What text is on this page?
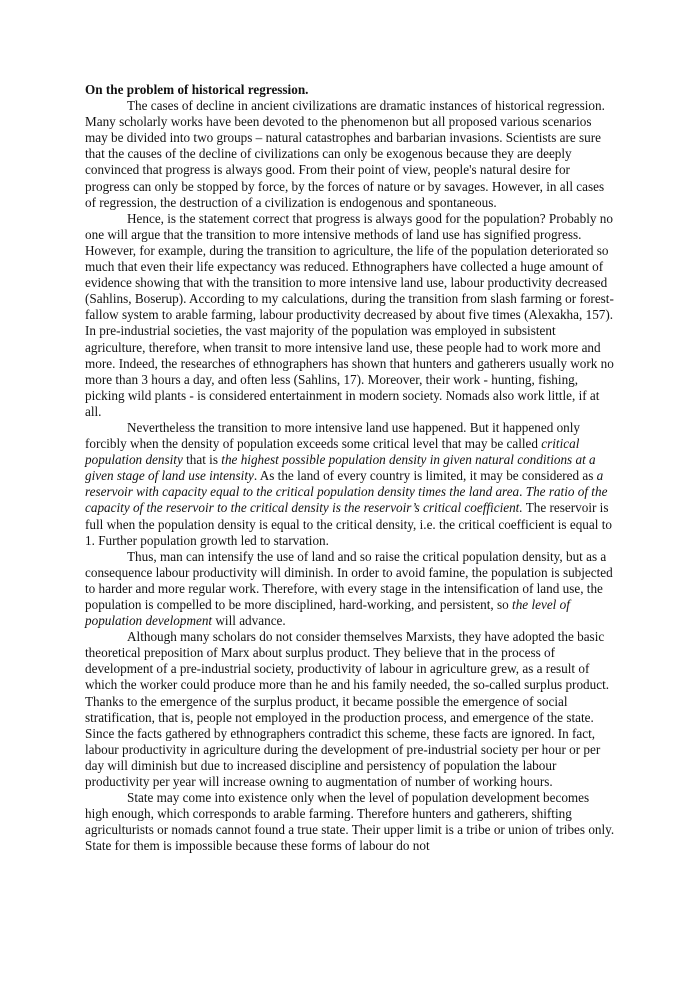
On the problem of historical regression.

The cases of decline in ancient civilizations are dramatic instances of historical regression. Many scholarly works have been devoted to the phenomenon but all proposed various scenarios may be divided into two groups – natural catastrophes and barbarian invasions. Scientists are sure that the causes of the decline of civilizations can only be exogenous because they are deeply convinced that progress is always good. From their point of view, people's natural desire for progress can only be stopped by force, by the forces of nature or by savages. However, in all cases of regression, the destruction of a civilization is endogenous and spontaneous.

Hence, is the statement correct that progress is always good for the population? Probably no one will argue that the transition to more intensive methods of land use has signified progress. However, for example, during the transition to agriculture, the life of the population deteriorated so much that even their life expectancy was reduced. Ethnographers have collected a huge amount of evidence showing that with the transition to more intensive land use, labour productivity decreased (Sahlins, Boserup). According to my calculations, during the transition from slash farming or forest-fallow system to arable farming, labour productivity decreased by about five times (Alexakha, 157). In pre-industrial societies, the vast majority of the population was employed in subsistent agriculture, therefore, when transit to more intensive land use, these people had to work more and more. Indeed, the researches of ethnographers has shown that hunters and gatherers usually work no more than 3 hours a day, and often less (Sahlins, 17). Moreover, their work - hunting, fishing, picking wild plants - is considered entertainment in modern society. Nomads also work little, if at all.

Nevertheless the transition to more intensive land use happened. But it happened only forcibly when the density of population exceeds some critical level that may be called critical population density that is the highest possible population density in given natural conditions at a given stage of land use intensity. As the land of every country is limited, it may be considered as a reservoir with capacity equal to the critical population density times the land area. The ratio of the capacity of the reservoir to the critical density is the reservoir’s critical coefficient. The reservoir is full when the population density is equal to the critical density, i.e. the critical coefficient is equal to 1. Further population growth led to starvation.

Thus, man can intensify the use of land and so raise the critical population density, but as a consequence labour productivity will diminish. In order to avoid famine, the population is subjected to harder and more regular work. Therefore, with every stage in the intensification of land use, the population is compelled to be more disciplined, hard-working, and persistent, so the level of population development will advance.

Although many scholars do not consider themselves Marxists, they have adopted the basic theoretical preposition of Marx about surplus product. They believe that in the process of development of a pre-industrial society, productivity of labour in agriculture grew, as a result of which the worker could produce more than he and his family needed, the so-called surplus product. Thanks to the emergence of the surplus product, it became possible the emergence of social stratification, that is, people not employed in the production process, and emergence of the state. Since the facts gathered by ethnographers contradict this scheme, these facts are ignored. In fact, labour productivity in agriculture during the development of pre-industrial society per hour or per day will diminish but due to increased discipline and persistency of population the labour productivity per year will increase owning to augmentation of number of working hours.

State may come into existence only when the level of population development becomes high enough, which corresponds to arable farming. Therefore hunters and gatherers, shifting agriculturists or nomads cannot found a true state. Their upper limit is a tribe or union of tribes only. State for them is impossible because these forms of labour do not
